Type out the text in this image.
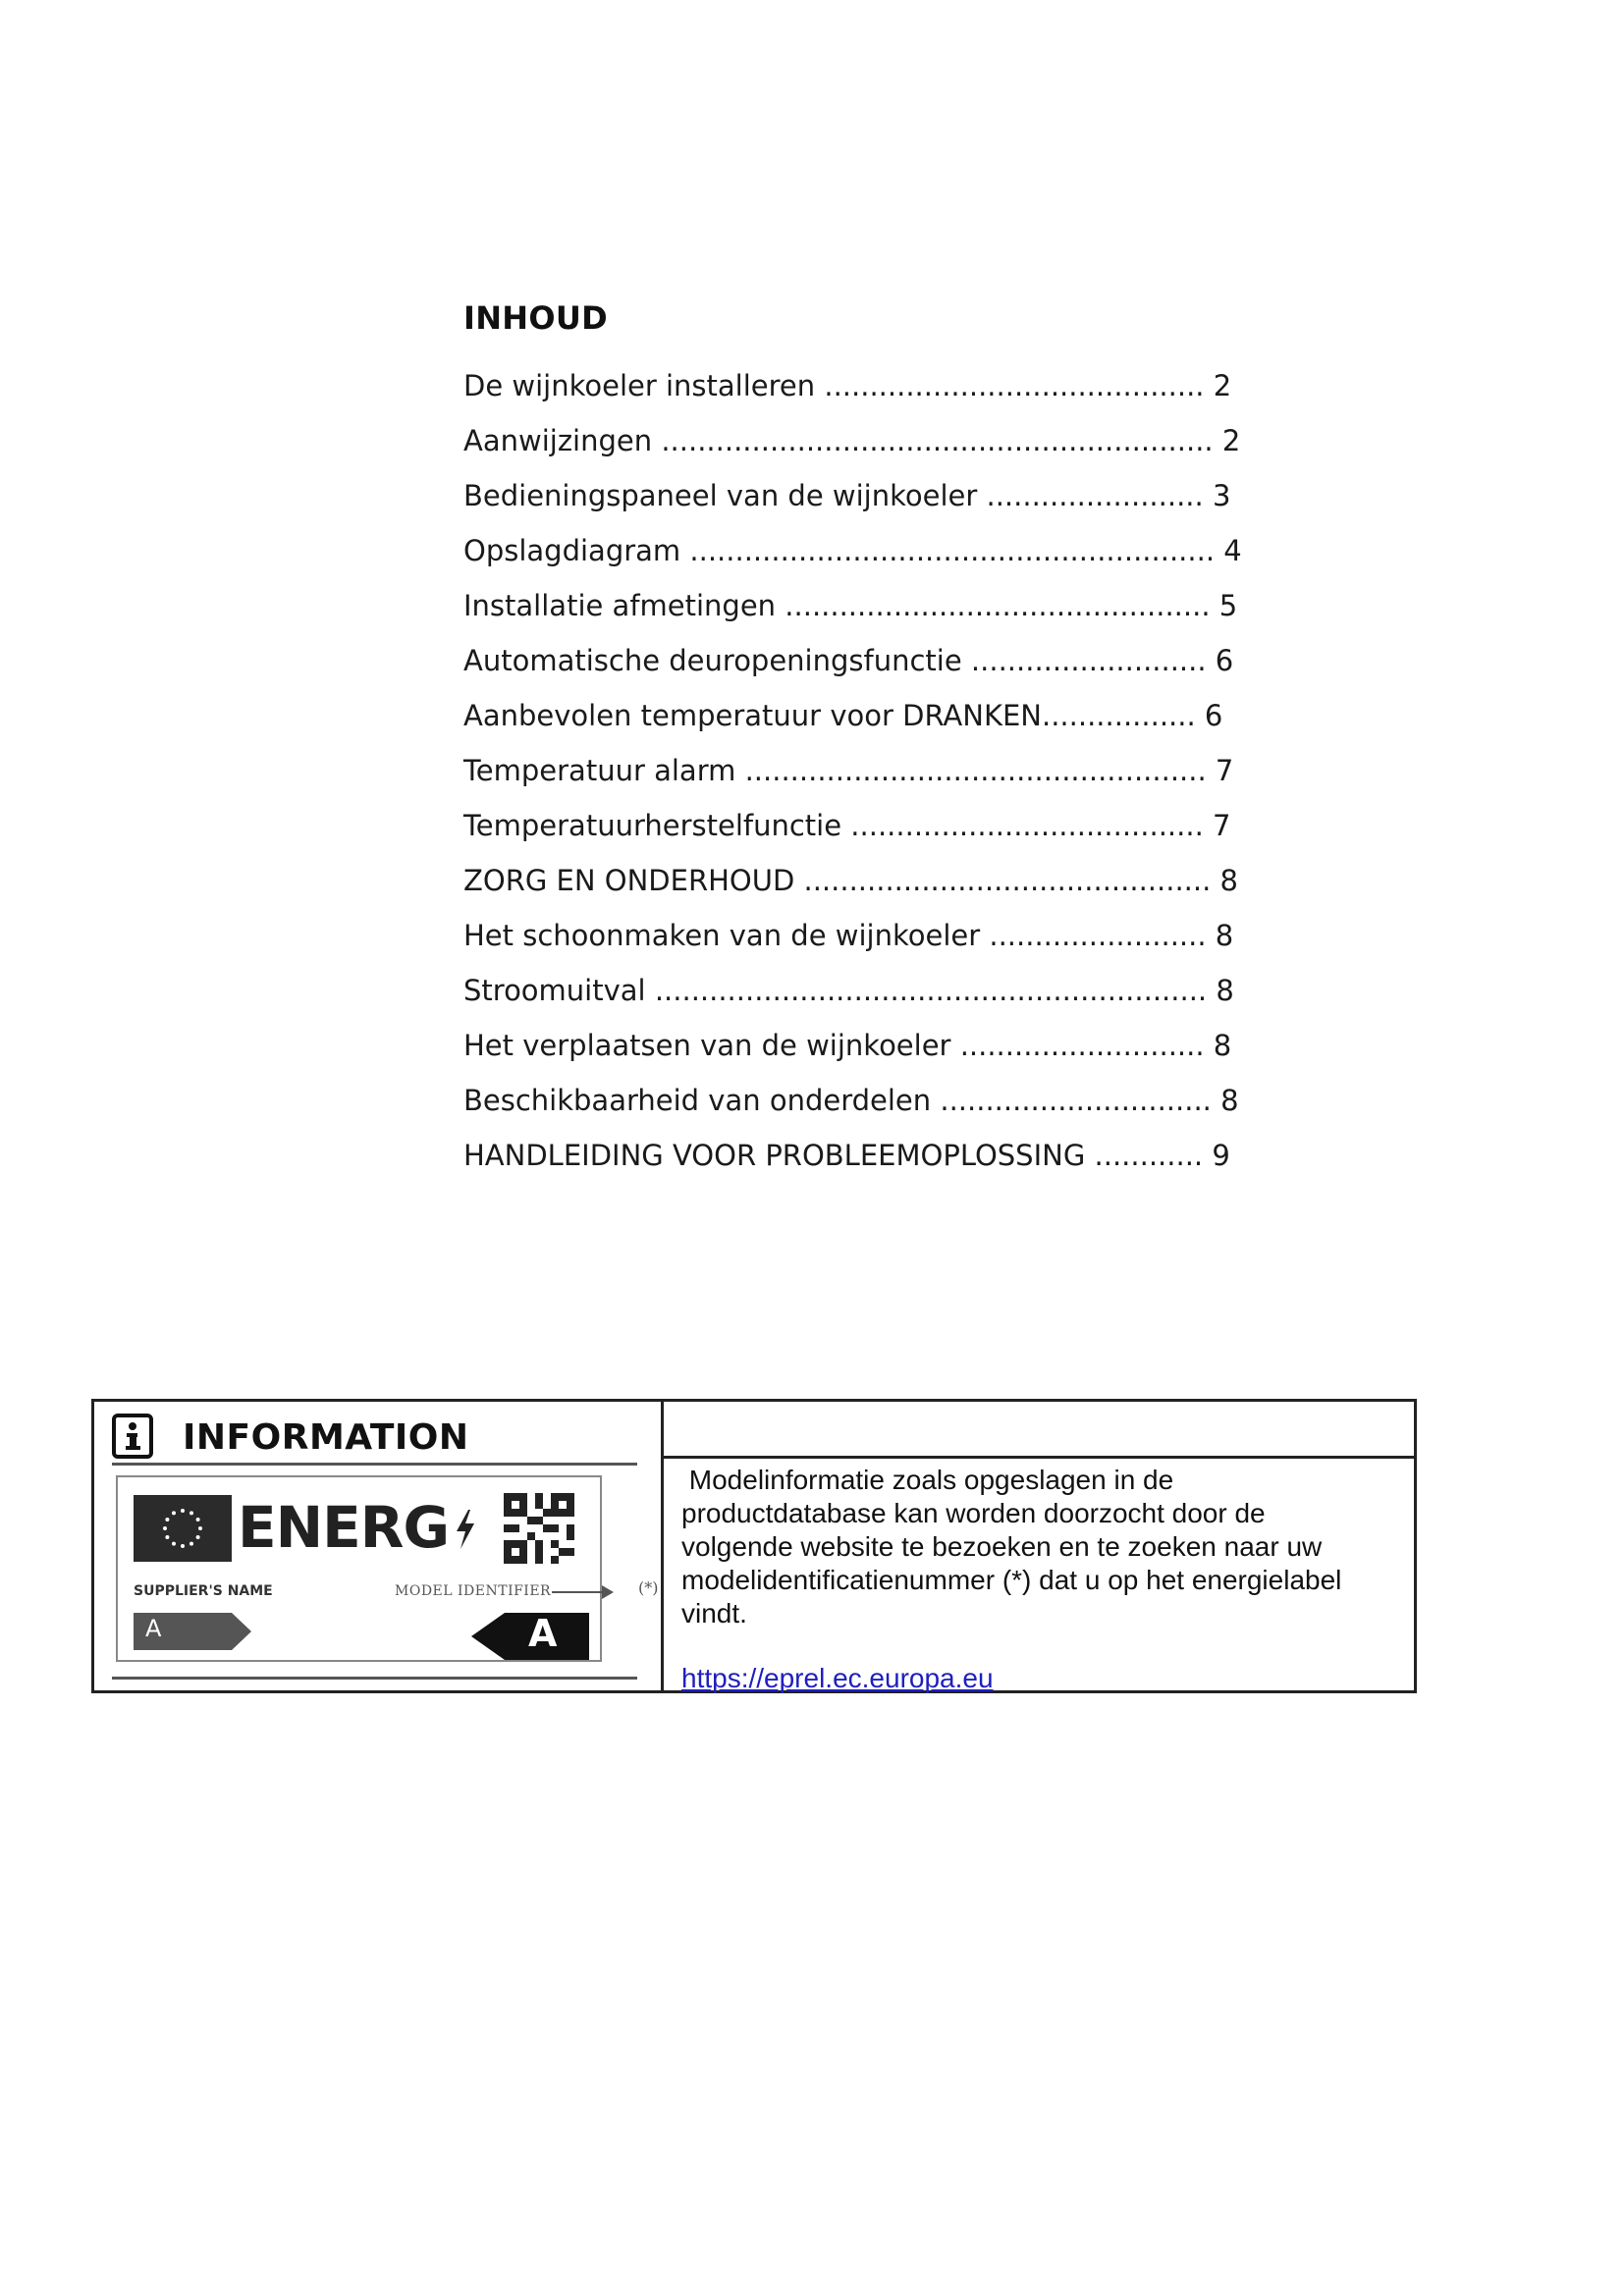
INHOUD
De wijnkoeler installeren .......................................... 2
Aanwijzingen ............................................................. 2
Bedieningspaneel van de wijnkoeler ........................ 3
Opslagdiagram .......................................................... 4
Installatie afmetingen ............................................... 5
Automatische deuropeningsfunctie .......................... 6
Aanbevolen temperatuur voor DRANKEN................. 6
Temperatuur alarm ................................................... 7
Temperatuurherstelfunctie ....................................... 7
ZORG EN ONDERHOUD ............................................. 8
Het schoonmaken van de wijnkoeler ........................ 8
Stroomuitval ............................................................. 8
Het verplaatsen van de wijnkoeler ........................... 8
Beschikbaarheid van onderdelen .............................. 8
HANDLEIDING VOOR PROBLEEMOPLOSSING ............ 9
INFORMATION
ENERG
SUPPLIER'S NAME	MODEL IDENTIFIER	(*)
A	A

Modelinformatie zoals opgeslagen in de

productdatabase kan worden doorzocht door de

volgende website te bezoeken en te zoeken naar uw

modelidentificatienummer (*) dat u op het energielabel

vindt.

https://eprel.ec.europa.eu
